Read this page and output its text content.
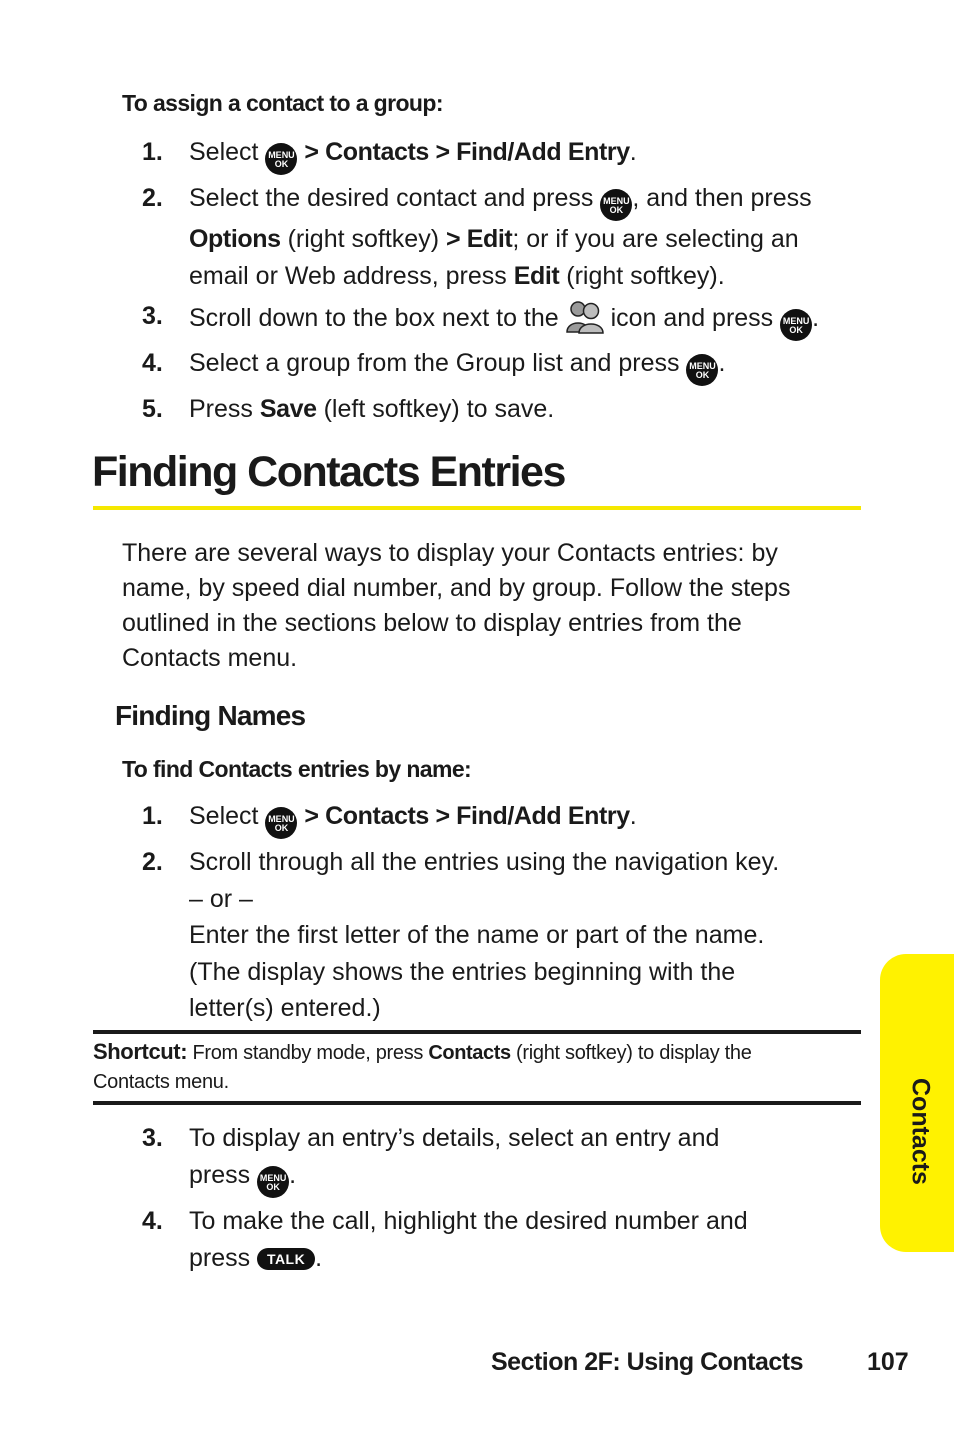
To assign a contact to a group:
1. Select	MENU
OK > Contacts > Find/Add Entry.
2. Select the desired contact and press	MENU
OK , and then press
Options (right softkey) > Edit; or if you are selecting an
email or Web address, press Edit (right softkey).
3. Scroll down to the box next to the icon and press	MENU
OK .
4. Select a group from the Group list and press	MENU
OK .
5. Press Save (left softkey) to save.
Finding Contacts Entries
There are several ways to display your Contacts entries: by
name, by speed dial number, and by group. Follow the steps
outlined in the sections below to display entries from the
Contacts menu.
Finding Names
To find Contacts entries by name:
1. Select	MENU
OK > Contacts > Find/Add Entry.
2. Scroll through all the entries using the navigation key.
– or –
Enter the first letter of the name or part of the name.
(The display shows the entries beginning with the
letter(s) entered.)
Shortcut: From standby mode, press Contacts (right softkey) to display the
Contacts menu.
3. To display an entry’s details, select an entry and
press	MENU
OK .
4. To make the call, highlight the desired number and
press TALK .
Contacts
Section 2F: Using Contacts	107
